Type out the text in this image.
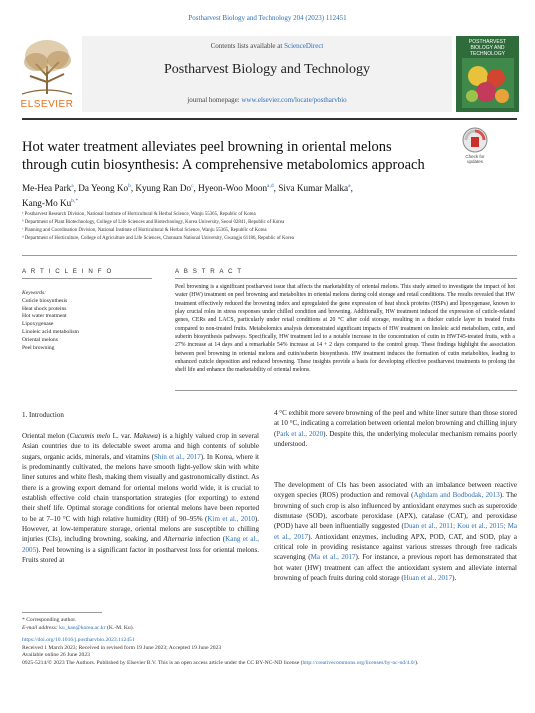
Postharvest Biology and Technology 204 (2023) 112451
ELSEVIER
Contents lists available at ScienceDirect
Postharvest Biology and Technology
journal homepage: www.elsevier.com/locate/postharvbio
POSTHARVEST BIOLOGY AND TECHNOLOGY
Hot water treatment alleviates peel browning in oriental melons through cutin biosynthesis: A comprehensive metabolomics approach
Check for updates
Me-Hea Park$^a$, Da Yeong Ko$^b$, Kyung Ran Do$^c$, Hyeon-Woo Moon$^{a,d}$, Siva Kumar Malka$^a$,
Kang-Mo $Ku^{b,*}$
ᵃ Postharvest Research Division, National Institute of Horticultural & Herbal Science, Wanju 55365, Republic of Korea
ᵇ Department of Plant Biotechnology, College of Life Sciences and Biotechnology, Korea University, Seoul 02841, Republic of Korea
ᶜ Planning and Coordination Division, National Institute of Horticultural & Herbal Science, Wanju 55365, Republic of Korea
ᵈ Department of Horticulture, College of Agriculture and Life Sciences, Chonnam National University, Gwangju 61186, Republic of Korea
A R T I C L E I N F O
Keywords:
Cuticle biosynthesis
Heat shock proteins
Hot water treatment
Lipoxygenase
Linoleic acid metabolism
Oriental melons
Peel browning
A B S T R A C T
Peel browning is a significant postharvest issue that affects the marketability of oriental melons. This study aimed to investigate the impact of hot water (HW) treatment on peel browning and metabolites in oriental melons during cold storage and retail conditions. The results revealed that HW treatment effectively reduced the browning index and upregulated the gene expression of heat shock proteins (HSPs) and lipoxygenase, known to play crucial roles in stress responses under chilled condition and browning. Additionally, HW treatment induced the expression of cuticle-related genes, CERs and LACS, particularly under retail conditions at 20 °C after cold storage, resulting in a thicker cuticle layer in treated fruits compared to non-treated fruits. Metabolomics analysis demonstrated significant impacts of HW treatment on linoleic acid metabolism, cutin, and suberin biosynthesis pathways. Specifically, HW treatment led to a notable increase in the concentration of cutin in HWT45-treated fruits, with a 27% increase at 14 days and a remarkable 54% increase at 14 + 2 days compared to the control group. These findings highlight the association between peel browning in oriental melons and cutin/suberin biosynthesis. HW treatment induces the formation of cutin metabolites, leading to enhanced cuticle deposition and reduced browning. These insights provide a basis for developing effective postharvest treatments to prolong the shelf life and enhance the marketability of oriental melons.
1. Introduction
Oriental melon (Cucumis melo L. var. Makuwa) is a highly valued crop in several Asian countries due to its delectable sweet aroma and high contents of soluble sugars, organic acids, minerals, and vitamins (Shin et al., 2017). In Korea, where it is predominantly cultivated, the melons have smooth light-yellow skin with white liner sutures and white flesh, making them visually and gastronomically distinct. As there is a growing export demand for oriental melons world wide, it is crucial to establish effective cold chain transportation strategies (for exporting) to extend their shelf life. Optimal storage conditions for oriental melons have been reported to be at 7–10 °C with high relative humidity (RH) of 90–95% (Kim et al., 2010). However, at low-temperature storage, oriental melons are susceptible to chilling injuries (CIs), including browning, soaking, and Alternaria infection (Kang et al., 2005). Peel browning is a significant factor in postharvest loss for oriental melons. Fruits stored at
4 °C exhibit more severe browning of the peel and white liner suture than those stored at 10 °C, indicating a correlation between oriental melon browning and chilling injury (Park et al., 2020). Despite this, the underlying molecular mechanism remains poorly understood.
The development of CIs has been associated with an imbalance between reactive oxygen species (ROS) production and removal (Aghdam and Bodbodak, 2013). The browning of such crop is also influenced by antioxidant enzymes such as superoxide dismutase (SOD), ascorbate peroxidase (APX), catalase (CAT), and peroxidase (POD) have all been influentially suggested (Duan et al., 2011; Kou et al., 2015; Ma et al., 2017). Antioxidant enzymes, including APX, POD, CAT, and SOD, play a critical role in providing resistance against various stresses through free radicals scavenging (Ma et al., 2017). For instance, a previous report has demonstrated that hot water (HW) treatment can affect the antioxidant system and alleviate internal browning of peach fruits during cold storage (Huan et al., 2017).
* Corresponding author.
E-mail address: ku_kan@korea.ac.kr (K.-M. Ku).
https://doi.org/10.1016/j.postharvbio.2023.112451
Received 1 March 2023; Received in revised form 19 June 2023; Accepted 19 June 2023
Available online 26 June 2023
0925-5214/© 2023 The Authors. Published by Elsevier B.V. This is an open access article under the CC BY-NC-ND license (http://creativecommons.org/licenses/by-nc-nd/4.0/).
